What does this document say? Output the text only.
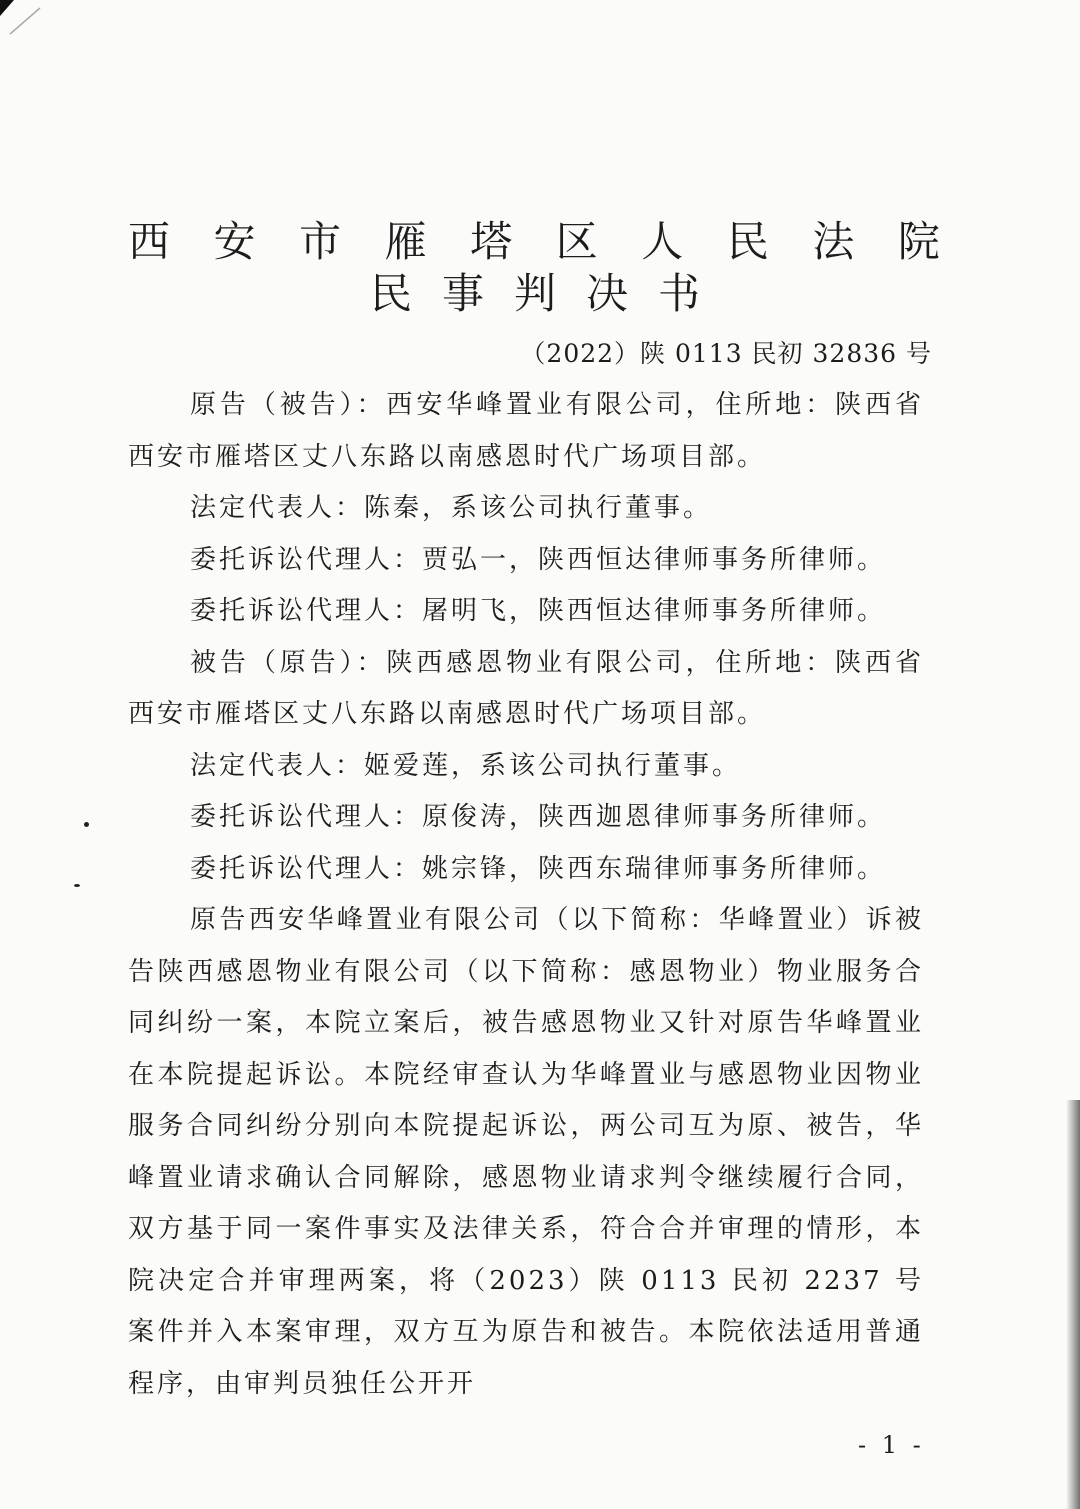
西 安 市 雁 塔 区 人 民 法 院
民 事 判 决 书
（2022）陕 0113 民初 32836 号

原告（被告）：西安华峰置业有限公司，住所地：陕西省西安市雁塔区丈八东路以南感恩时代广场项目部。

法定代表人：陈秦，系该公司执行董事。

委托诉讼代理人：贾弘一，陕西恒达律师事务所律师。

委托诉讼代理人：屠明飞，陕西恒达律师事务所律师。

被告（原告）：陕西感恩物业有限公司，住所地：陕西省西安市雁塔区丈八东路以南感恩时代广场项目部。

法定代表人：姬爱莲，系该公司执行董事。

委托诉讼代理人：原俊涛，陕西迦恩律师事务所律师。

委托诉讼代理人：姚宗锋，陕西东瑞律师事务所律师。

原告西安华峰置业有限公司（以下简称：华峰置业）诉被告陕西感恩物业有限公司（以下简称：感恩物业）物业服务合同纠纷一案，本院立案后，被告感恩物业又针对原告华峰置业在本院提起诉讼。本院经审查认为华峰置业与感恩物业因物业服务合同纠纷分别向本院提起诉讼，两公司互为原、被告，华峰置业请求确认合同解除，感恩物业请求判令继续履行合同，双方基于同一案件事实及法律关系，符合合并审理的情形，本院决定合并审理两案，将（2023）陕 0113 民初 2237 号案件并入本案审理，双方互为原告和被告。本院依法适用普通程序，由审判员独任公开开

- 1 -
